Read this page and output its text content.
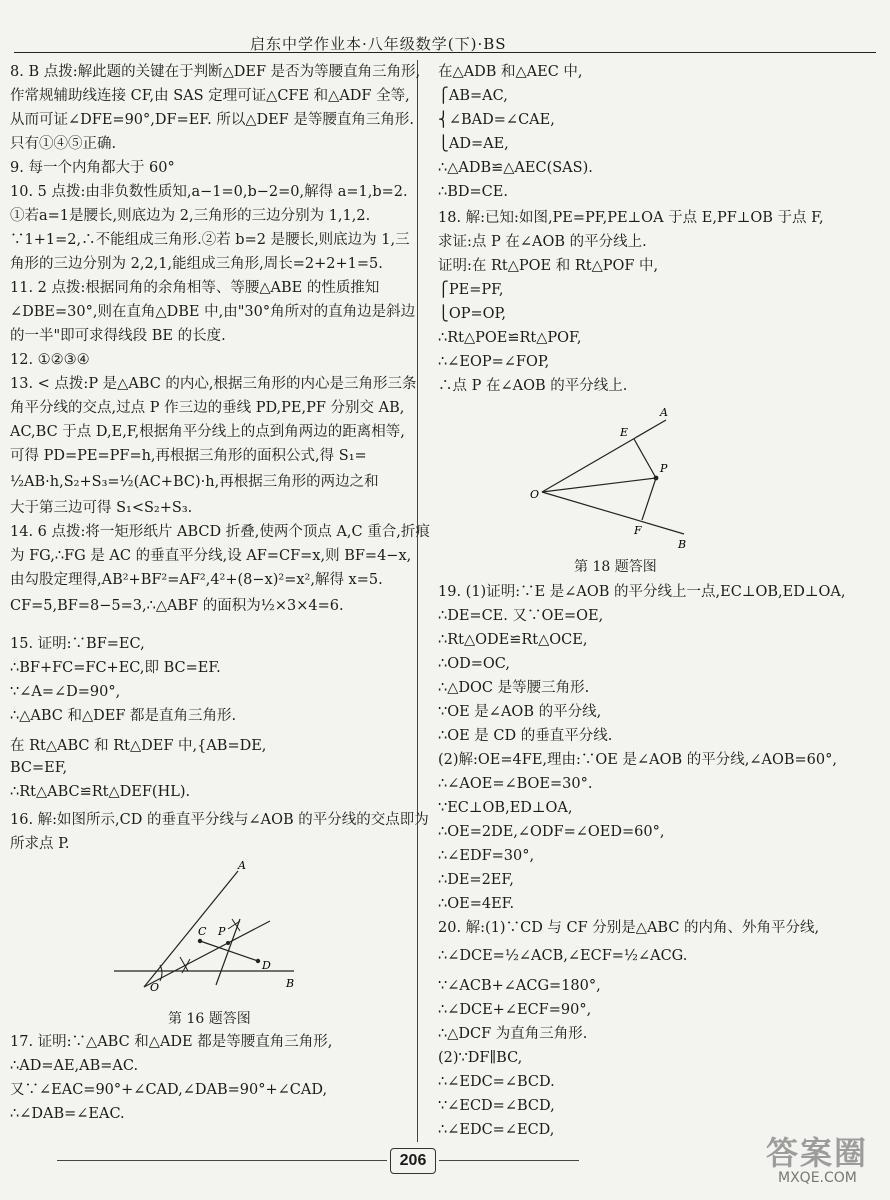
启东中学作业本·八年级数学(下)·BS
8. B 点拨:解此题的关键在于判断△DEF 是否为等腰直角三角形,
作常规辅助线连接 CF,由 SAS 定理可证△CFE 和△ADF 全等,
从而可证∠DFE=90°,DF=EF. 所以△DEF 是等腰直角三角形.
只有①④⑤正确.
9. 每一个内角都大于 60°
10. 5 点拨:由非负数性质知,a−1=0,b−2=0,解得 a=1,b=2.
①若a=1是腰长,则底边为 2,三角形的三边分别为 1,1,2.
∵1+1=2,∴不能组成三角形.②若 b=2 是腰长,则底边为 1,三
角形的三边分别为 2,2,1,能组成三角形,周长=2+2+1=5.
11. 2 点拨:根据同角的余角相等、等腰△ABE 的性质推知
∠DBE=30°,则在直角△DBE 中,由"30°角所对的直角边是斜边
的一半"即可求得线段 BE 的长度.
12. ①②③④
13. < 点拨:P 是△ABC 的内心,根据三角形的内心是三角形三条
角平分线的交点,过点 P 作三边的垂线 PD,PE,PF 分别交 AB,
AC,BC 于点 D,E,F,根据角平分线上的点到角两边的距离相等,
可得 PD=PE=PF=h,再根据三角形的面积公式,得 S₁=
½AB·h,S₂+S₃=½(AC+BC)·h,再根据三角形的两边之和
大于第三边可得 S₁<S₂+S₃.
14. 6 点拨:将一矩形纸片 ABCD 折叠,使两个顶点 A,C 重合,折痕
为 FG,∴FG 是 AC 的垂直平分线,设 AF=CF=x,则 BF=4−x,
由勾股定理得,AB²+BF²=AF²,4²+(8−x)²=x²,解得 x=5.
CF=5,BF=8−5=3,∴△ABF 的面积为½×3×4=6.
15. 证明:∵BF=EC,
∴BF+FC=FC+EC,即 BC=EF.
∵∠A=∠D=90°,
∴△ABC 和△DEF 都是直角三角形.
在 Rt△ABC 和 Rt△DEF 中,{AB=DE,
BC=EF,
∴Rt△ABC≌Rt△DEF(HL).
16. 解:如图所示,CD 的垂直平分线与∠AOB 的平分线的交点即为
所求点 P.
A
B
O
C P
D
第 16 题答图
17. 证明:∵△ABC 和△ADE 都是等腰直角三角形,
∴AD=AE,AB=AC.
又∵∠EAC=90°+∠CAD,∠DAB=90°+∠CAD,
∴∠DAB=∠EAC.
在△ADB 和△AEC 中,
⎧AB=AC,
⎨∠BAD=∠CAE,
⎩AD=AE,
∴△ADB≌△AEC(SAS).
∴BD=CE.
18. 解:已知:如图,PE=PF,PE⊥OA 于点 E,PF⊥OB 于点 F,
求证:点 P 在∠AOB 的平分线上.
证明:在 Rt△POE 和 Rt△POF 中,
⎧PE=PF,
⎩OP=OP,
∴Rt△POE≌Rt△POF,
∴∠EOP=∠FOP,
∴点 P 在∠AOB 的平分线上.
A
B
O
E
P
F
第 18 题答图
19. (1)证明:∵E 是∠AOB 的平分线上一点,EC⊥OB,ED⊥OA,
∴DE=CE. 又∵OE=OE,
∴Rt△ODE≌Rt△OCE,
∴OD=OC,
∴△DOC 是等腰三角形.
∵OE 是∠AOB 的平分线,
∴OE 是 CD 的垂直平分线.
(2)解:OE=4FE,理由:∵OE 是∠AOB 的平分线,∠AOB=60°,
∴∠AOE=∠BOE=30°.
∵EC⊥OB,ED⊥OA,
∴OE=2DE,∠ODF=∠OED=60°,
∴∠EDF=30°,
∴DE=2EF,
∴OE=4EF.
20. 解:(1)∵CD 与 CF 分别是△ABC 的内角、外角平分线,
∴∠DCE=½∠ACB,∠ECF=½∠ACG.
∵∠ACB+∠ACG=180°,
∴∠DCE+∠ECF=90°,
∴△DCF 为直角三角形.
(2)∵DF∥BC,
∴∠EDC=∠BCD.
∵∠ECD=∠BCD,
∴∠EDC=∠ECD,
206	答案圈
MXQE.COM
